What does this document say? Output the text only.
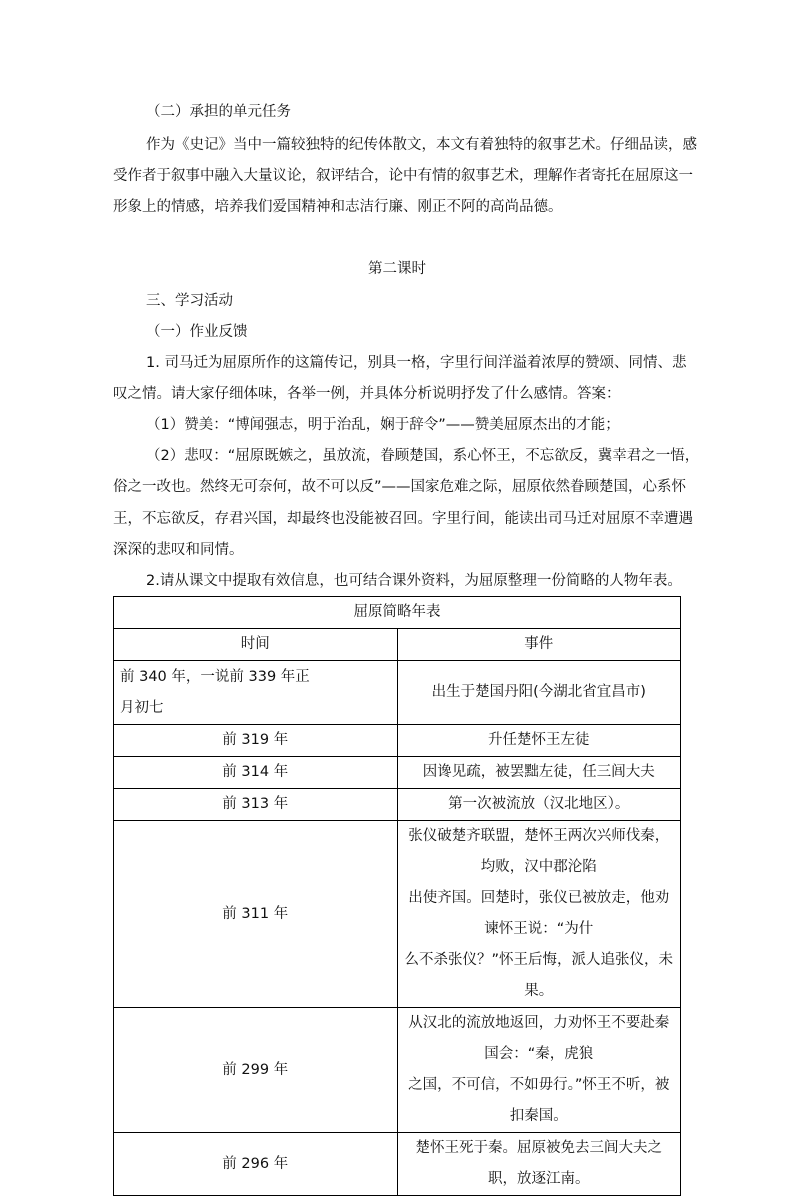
（二）承担的单元任务
作为《史记》当中一篇较独特的纪传体散文，本文有着独特的叙事艺术。仔细品读，感
受作者于叙事中融入大量议论，叙评结合，论中有情的叙事艺术，理解作者寄托在屈原这一
形象上的情感，培养我们爱国精神和志洁行廉、刚正不阿的高尚品德。
第二课时
三、学习活动
（一）作业反馈
1. 司马迁为屈原所作的这篇传记，别具一格，字里行间洋溢着浓厚的赞颂、同情、悲
叹之情。请大家仔细体味，各举一例，并具体分析说明抒发了什么感情。答案：
（1）赞美：“博闻强志，明于治乱，娴于辞令”——赞美屈原杰出的才能；
（2）悲叹：“屈原既嫉之，虽放流，眷顾楚国，系心怀王，不忘欲反，冀幸君之一悟，
俗之一改也。然终无可奈何，故不可以反”——国家危难之际，屈原依然眷顾楚国，心系怀
王，不忘欲反，存君兴国，却最终也没能被召回。字里行间，能读出司马迁对屈原不幸遭遇
深深的悲叹和同情。
2.请从课文中提取有效信息，也可结合课外资料，为屈原整理一份简略的人物年表。
屈原简略年表	
时间	事件

前 340 年，一说前 339 年正
月初七	出生于楚国丹阳(今湖北省宜昌市)

前 319 年	升任楚怀王左徒
前 314 年	因谗见疏，被罢黜左徒，任三闾大夫
前 313 年	第一次被流放（汉北地区）。

前 311 年	张仪破楚齐联盟，楚怀王两次兴师伐秦，均败，汉中郡沦陷
出使齐国。回楚时，张仪已被放走，他劝谏怀王说：“为什
么不杀张仪？”怀王后悔，派人追张仪，未果。

前 299 年	从汉北的流放地返回，力劝怀王不要赴秦国会：“秦，虎狼
之国，不可信，不如毋行。”怀王不听，被扣秦国。

前 296 年	楚怀王死于秦。屈原被免去三闾大夫之职，放逐江南。
